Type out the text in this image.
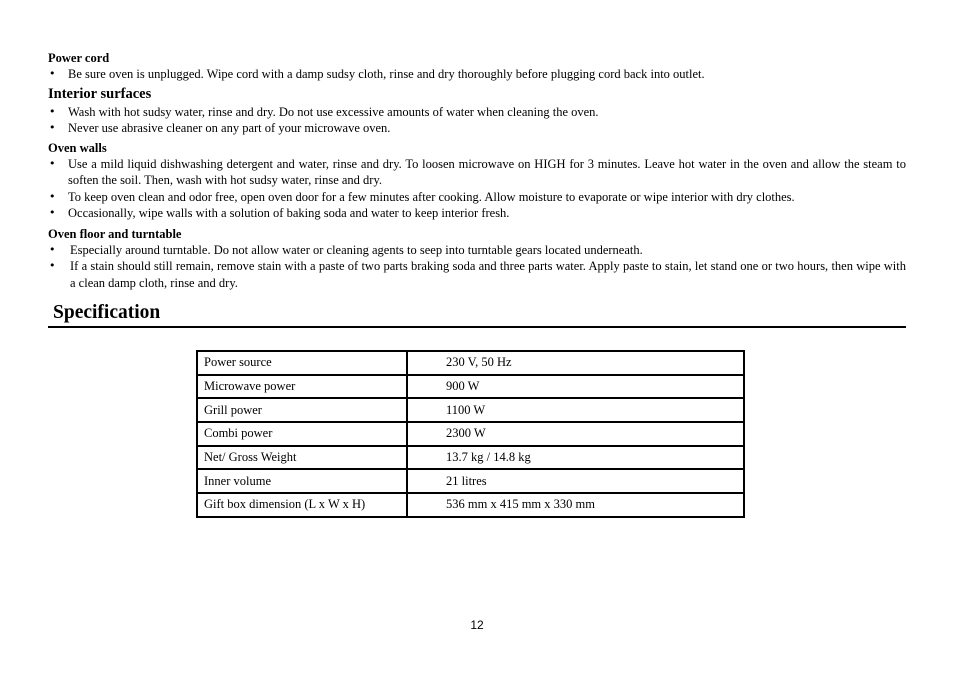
Power cord

• Be sure oven is unplugged. Wipe cord with a damp sudsy cloth, rinse and dry thoroughly before plugging cord back into outlet.

Interior surfaces

• Wash with hot sudsy water, rinse and dry. Do not use excessive amounts of water when cleaning the oven.
• Never use abrasive cleaner on any part of your microwave oven.

Oven walls

• Use a mild liquid dishwashing detergent and water, rinse and dry. To loosen microwave on HIGH for 3 minutes. Leave hot water in the oven and allow the steam to soften the soil. Then, wash with hot sudsy water, rinse and dry.
• To keep oven clean and odor free, open oven door for a few minutes after cooking. Allow moisture to evaporate or wipe interior with dry clothes.
• Occasionally, wipe walls with a solution of baking soda and water to keep interior fresh.

Oven floor and turntable

• Especially around turntable. Do not allow water or cleaning agents to seep into turntable gears located underneath.
• If a stain should still remain, remove stain with a paste of two parts braking soda and three parts water. Apply paste to stain, let stand one or two hours, then wipe with a clean damp cloth, rinse and dry.
Specification
Power source	230 V, 50 Hz
Microwave power	900 W
Grill power	1100 W
Combi power	2300 W
Net/ Gross Weight	13.7 kg / 14.8 kg
Inner volume	21 litres
Gift box dimension (L x W x H)	536 mm x 415 mm x 330 mm
12
